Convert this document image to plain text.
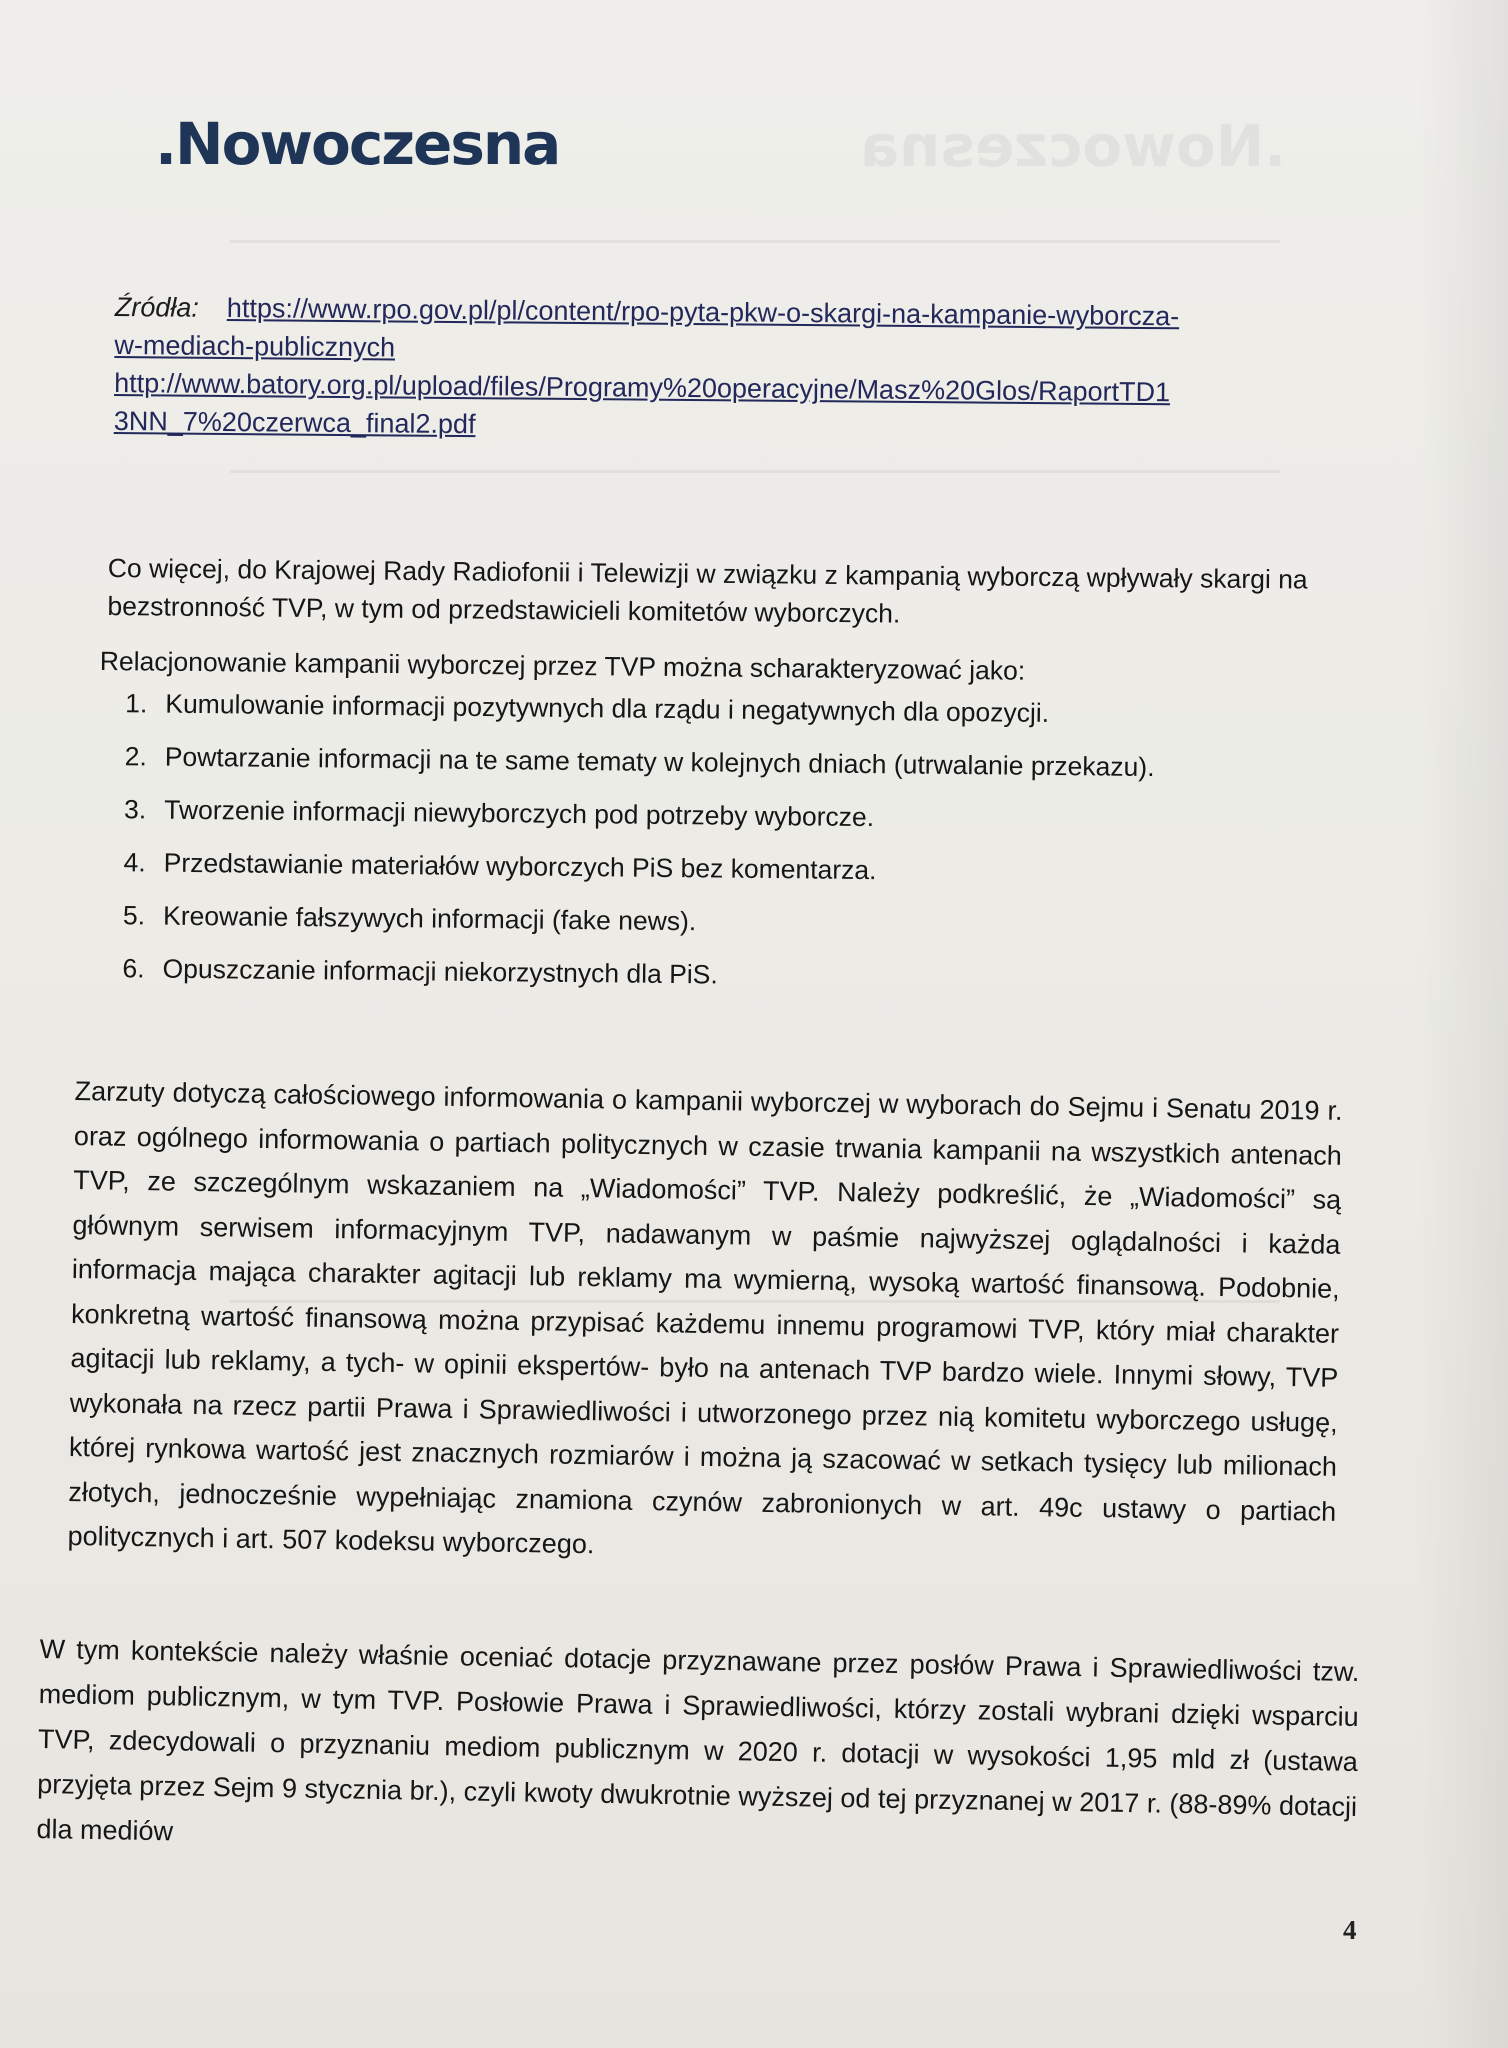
.Nowoczesna	.Nowoczesna
Źródła: https://www.rpo.gov.pl/pl/content/rpo-pyta-pkw-o-skargi-na-kampanie-wyborcza-
w-mediach-publicznych
http://www.batory.org.pl/upload/files/Programy%20operacyjne/Masz%20Glos/RaportTD1
3NN_7%20czerwca_final2.pdf

Co więcej, do Krajowej Rady Radiofonii i Telewizji w związku z kampanią wyborczą wpływały skargi na bezstronność TVP, w tym od przedstawicieli komitetów wyborczych.

Relacjonowanie kampanii wyborczej przez TVP można scharakteryzować jako:

1. Kumulowanie informacji pozytywnych dla rządu i negatywnych dla opozycji.
2. Powtarzanie informacji na te same tematy w kolejnych dniach (utrwalanie przekazu).
3. Tworzenie informacji niewyborczych pod potrzeby wyborcze.
4. Przedstawianie materiałów wyborczych PiS bez komentarza.
5. Kreowanie fałszywych informacji (fake news).
6. Opuszczanie informacji niekorzystnych dla PiS.

Zarzuty dotyczą całościowego informowania o kampanii wyborczej w wyborach do Sejmu i Senatu 2019 r. oraz ogólnego informowania o partiach politycznych w czasie trwania kampanii na wszystkich antenach TVP, ze szczególnym wskazaniem na „Wiadomości” TVP. Należy podkreślić, że „Wiadomości” są głównym serwisem informacyjnym TVP, nadawanym w paśmie najwyższej oglądalności i każda informacja mająca charakter agitacji lub reklamy ma wymierną, wysoką wartość finansową. Podobnie, konkretną wartość finansową można przypisać każdemu innemu programowi TVP, który miał charakter agitacji lub reklamy, a tych- w opinii ekspertów- było na antenach TVP bardzo wiele. Innymi słowy, TVP wykonała na rzecz partii Prawa i Sprawiedliwości i utworzonego przez nią komitetu wyborczego usługę, której rynkowa wartość jest znacznych rozmiarów i można ją szacować w setkach tysięcy lub milionach złotych, jednocześnie wypełniając znamiona czynów zabronionych w art. 49c ustawy o partiach politycznych i art. 507 kodeksu wyborczego.

W tym kontekście należy właśnie oceniać dotacje przyznawane przez posłów Prawa i Sprawiedliwości tzw. mediom publicznym, w tym TVP. Posłowie Prawa i Sprawiedliwości, którzy zostali wybrani dzięki wsparciu TVP, zdecydowali o przyznaniu mediom publicznym w 2020 r. dotacji w wysokości 1,95 mld zł (ustawa przyjęta przez Sejm 9 stycznia br.), czyli kwoty dwukrotnie wyższej od tej przyznanej w 2017 r. (88-89% dotacji dla mediów

4
